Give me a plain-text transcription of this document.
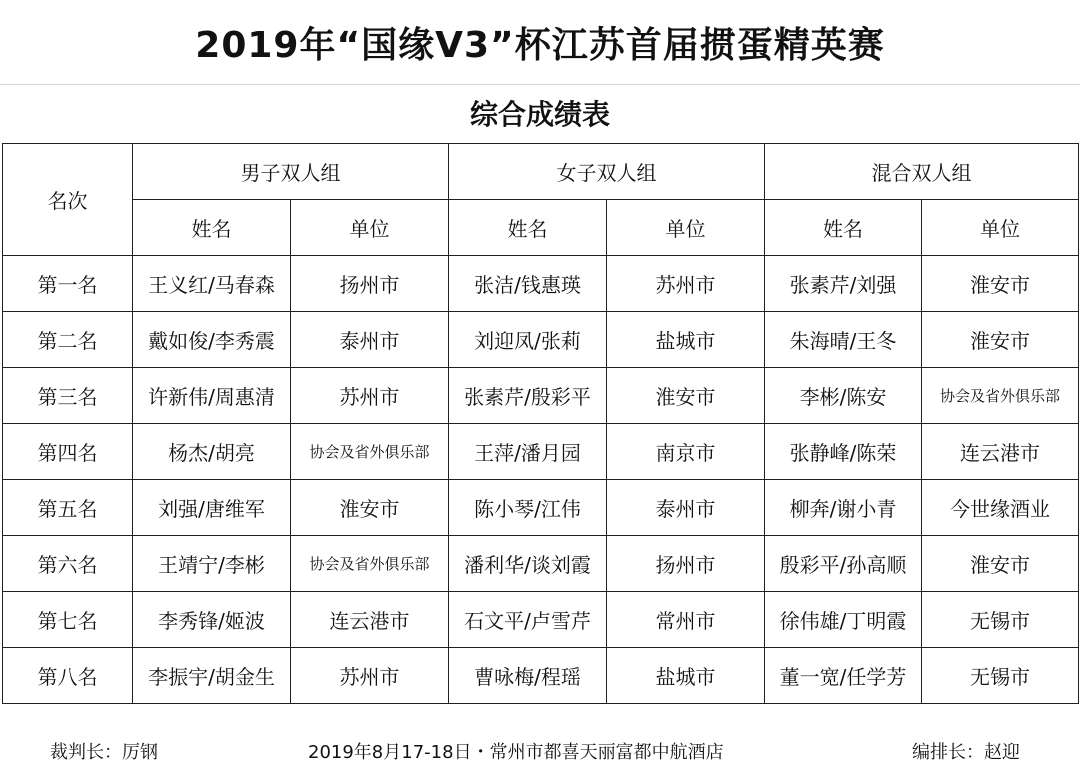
2019年“国缘V3”杯江苏首届掼蛋精英赛
综合成绩表
名次	男子双人组		女子双人组		混合双人组	
	姓名	单位	姓名	单位	姓名	单位
第一名	王义红/马春森	扬州市	张洁/钱惠瑛	苏州市	张素芹/刘强	淮安市
第二名	戴如俊/李秀震	泰州市	刘迎凤/张莉	盐城市	朱海晴/王冬	淮安市
第三名	许新伟/周惠清	苏州市	张素芹/殷彩平	淮安市	李彬/陈安	协会及省外俱乐部
第四名	杨杰/胡亮	协会及省外俱乐部	王萍/潘月园	南京市	张静峰/陈荣	连云港市
第五名	刘强/唐维军	淮安市	陈小琴/江伟	泰州市	柳奔/谢小青	今世缘酒业
第六名	王靖宁/李彬	协会及省外俱乐部	潘利华/谈刘霞	扬州市	殷彩平/孙高顺	淮安市
第七名	李秀锋/姬波	连云港市	石文平/卢雪芹	常州市	徐伟雄/丁明霞	无锡市
第八名	李振宇/胡金生	苏州市	曹咏梅/程瑶	盐城市	董一宽/任学芳	无锡市
裁判长：厉钢	2019年8月17-18日・常州市都喜天丽富都中航酒店	编排长：赵迎
